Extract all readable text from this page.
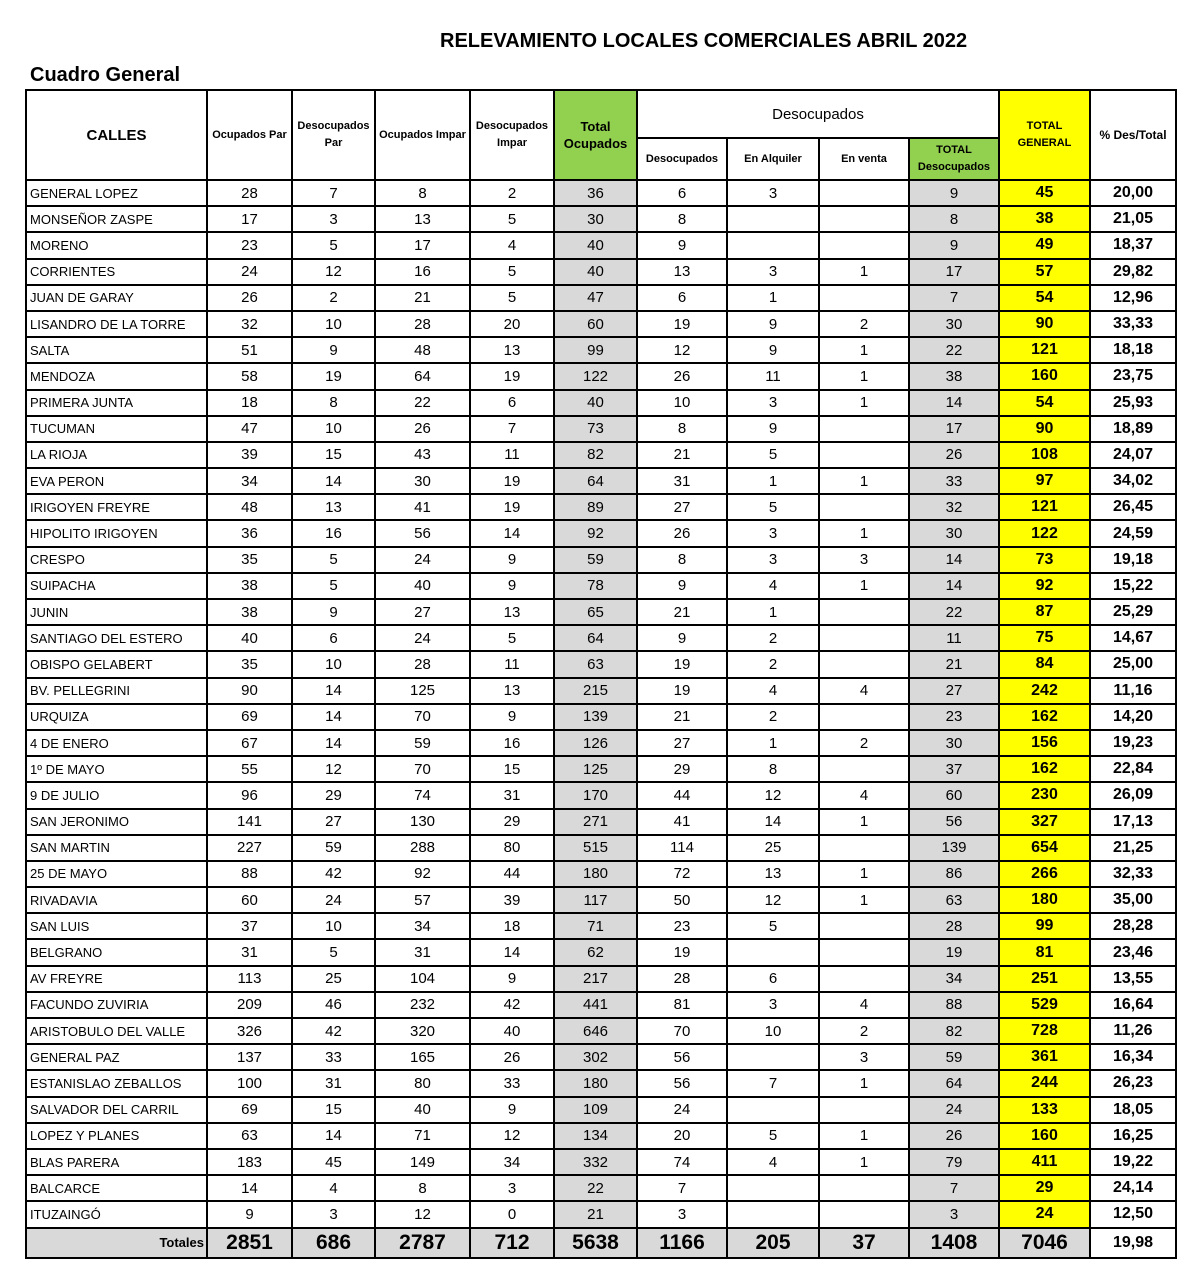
RELEVAMIENTO LOCALES COMERCIALES ABRIL 2022
Cuadro General
CALLES	Ocupados Par	Desocupados Par	Ocupados Impar	Desocupados Impar	Total Ocupados	Desocupados				TOTAL GENERAL	% Des/Total
						Desocupados	En Alquiler	En venta	TOTAL Desocupados		
GENERAL LOPEZ	28	7	8	2	36	6	3		9	45	20,00
MONSEÑOR ZASPE	17	3	13	5	30	8			8	38	21,05
MORENO	23	5	17	4	40	9			9	49	18,37
CORRIENTES	24	12	16	5	40	13	3	1	17	57	29,82
JUAN DE GARAY	26	2	21	5	47	6	1		7	54	12,96
LISANDRO DE LA TORRE	32	10	28	20	60	19	9	2	30	90	33,33
SALTA	51	9	48	13	99	12	9	1	22	121	18,18
MENDOZA	58	19	64	19	122	26	11	1	38	160	23,75
PRIMERA JUNTA	18	8	22	6	40	10	3	1	14	54	25,93
TUCUMAN	47	10	26	7	73	8	9		17	90	18,89
LA RIOJA	39	15	43	11	82	21	5		26	108	24,07
EVA PERON	34	14	30	19	64	31	1	1	33	97	34,02
IRIGOYEN FREYRE	48	13	41	19	89	27	5		32	121	26,45
HIPOLITO IRIGOYEN	36	16	56	14	92	26	3	1	30	122	24,59
CRESPO	35	5	24	9	59	8	3	3	14	73	19,18
SUIPACHA	38	5	40	9	78	9	4	1	14	92	15,22
JUNIN	38	9	27	13	65	21	1		22	87	25,29
SANTIAGO DEL ESTERO	40	6	24	5	64	9	2		11	75	14,67
OBISPO GELABERT	35	10	28	11	63	19	2		21	84	25,00
BV. PELLEGRINI	90	14	125	13	215	19	4	4	27	242	11,16
URQUIZA	69	14	70	9	139	21	2		23	162	14,20
4 DE ENERO	67	14	59	16	126	27	1	2	30	156	19,23
1º DE MAYO	55	12	70	15	125	29	8		37	162	22,84
9 DE JULIO	96	29	74	31	170	44	12	4	60	230	26,09
SAN JERONIMO	141	27	130	29	271	41	14	1	56	327	17,13
SAN MARTIN	227	59	288	80	515	114	25		139	654	21,25
25 DE MAYO	88	42	92	44	180	72	13	1	86	266	32,33
RIVADAVIA	60	24	57	39	117	50	12	1	63	180	35,00
SAN LUIS	37	10	34	18	71	23	5		28	99	28,28
BELGRANO	31	5	31	14	62	19			19	81	23,46
AV FREYRE	113	25	104	9	217	28	6		34	251	13,55
FACUNDO ZUVIRIA	209	46	232	42	441	81	3	4	88	529	16,64
ARISTOBULO DEL VALLE	326	42	320	40	646	70	10	2	82	728	11,26
GENERAL PAZ	137	33	165	26	302	56		3	59	361	16,34
ESTANISLAO ZEBALLOS	100	31	80	33	180	56	7	1	64	244	26,23
SALVADOR DEL CARRIL	69	15	40	9	109	24			24	133	18,05
LOPEZ Y PLANES	63	14	71	12	134	20	5	1	26	160	16,25
BLAS PARERA	183	45	149	34	332	74	4	1	79	411	19,22
BALCARCE	14	4	8	3	22	7			7	29	24,14
ITUZAINGÓ	9	3	12	0	21	3			3	24	12,50
Totales	2851	686	2787	712	5638	1166	205	37	1408	7046	19,98
